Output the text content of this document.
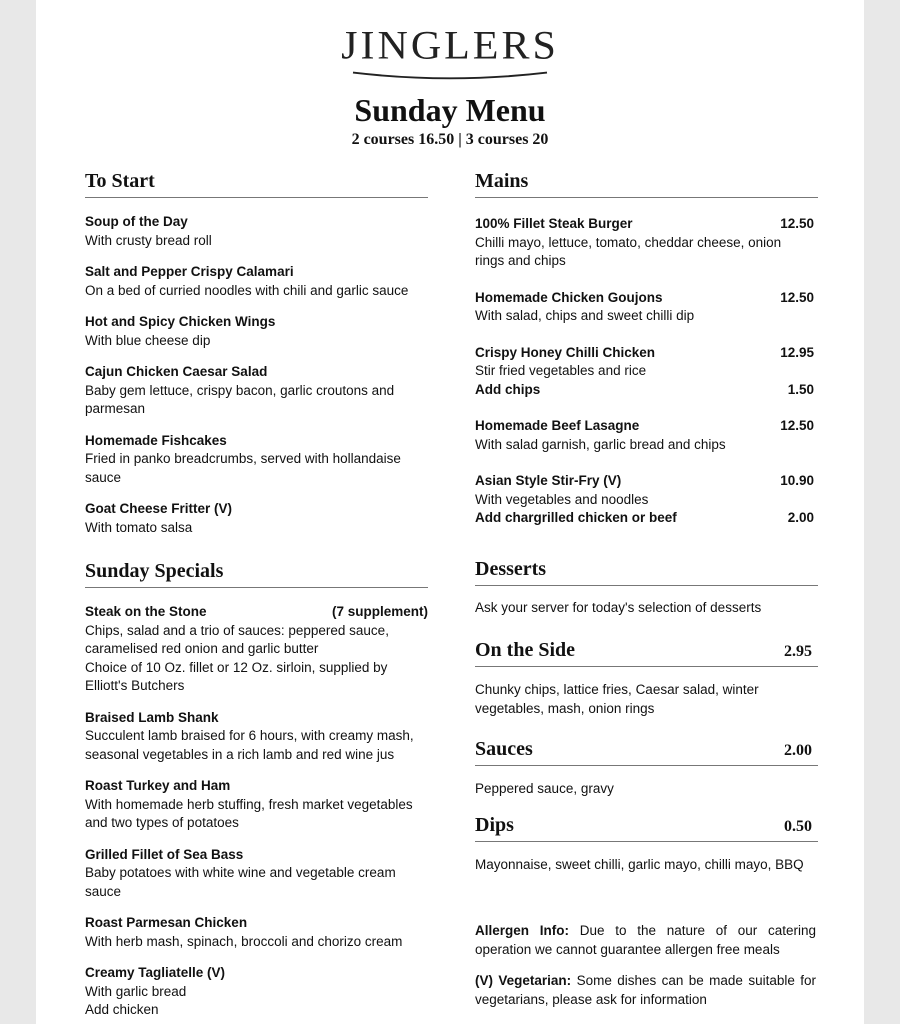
JINGLERS
Sunday Menu
2 courses 16.50 | 3 courses 20
To Start
Soup of the Day
With crusty bread roll
Salt and Pepper Crispy Calamari
On a bed of curried noodles with chili and garlic sauce
Hot and Spicy Chicken Wings
With blue cheese dip
Cajun Chicken Caesar Salad
Baby gem lettuce, crispy bacon, garlic croutons and parmesan
Homemade Fishcakes
Fried in panko breadcrumbs, served with hollandaise sauce
Goat Cheese Fritter (V)
With tomato salsa
Sunday Specials
Steak on the Stone	(7 supplement)
Chips, salad and a trio of sauces: peppered sauce, caramelised red onion and garlic butter
Choice of 10 Oz. fillet or 12 Oz. sirloin, supplied by Elliott's Butchers
Braised Lamb Shank
Succulent lamb braised for 6 hours, with creamy mash, seasonal vegetables in a rich lamb and red wine jus
Roast Turkey and Ham
With homemade herb stuffing, fresh market vegetables and two types of potatoes
Grilled Fillet of Sea Bass
Baby potatoes with white wine and vegetable cream sauce
Roast Parmesan Chicken
With herb mash, spinach, broccoli and chorizo cream
Creamy Tagliatelle (V)
With garlic bread
Add chicken
Mains
100% Fillet Steak Burger	12.50
Chilli mayo, lettuce, tomato, cheddar cheese, onion rings and chips
Homemade Chicken Goujons	12.50
With salad, chips and sweet chilli dip
Crispy Honey Chilli Chicken	12.95
Stir fried vegetables and rice
Add chips	1.50
Homemade Beef Lasagne	12.50
With salad garnish, garlic bread and chips
Asian Style Stir-Fry (V)	10.90
With vegetables and noodles
Add chargrilled chicken or beef	2.00
Desserts
Ask your server for today's selection of desserts
On the Side	2.95
Chunky chips, lattice fries, Caesar salad, winter vegetables, mash, onion rings
Sauces	2.00
Peppered sauce, gravy
Dips	0.50
Mayonnaise, sweet chilli, garlic mayo, chilli mayo, BBQ
Allergen Info: Due to the nature of our catering operation we cannot guarantee allergen free meals
(V) Vegetarian: Some dishes can be made suitable for vegetarians, please ask for information
